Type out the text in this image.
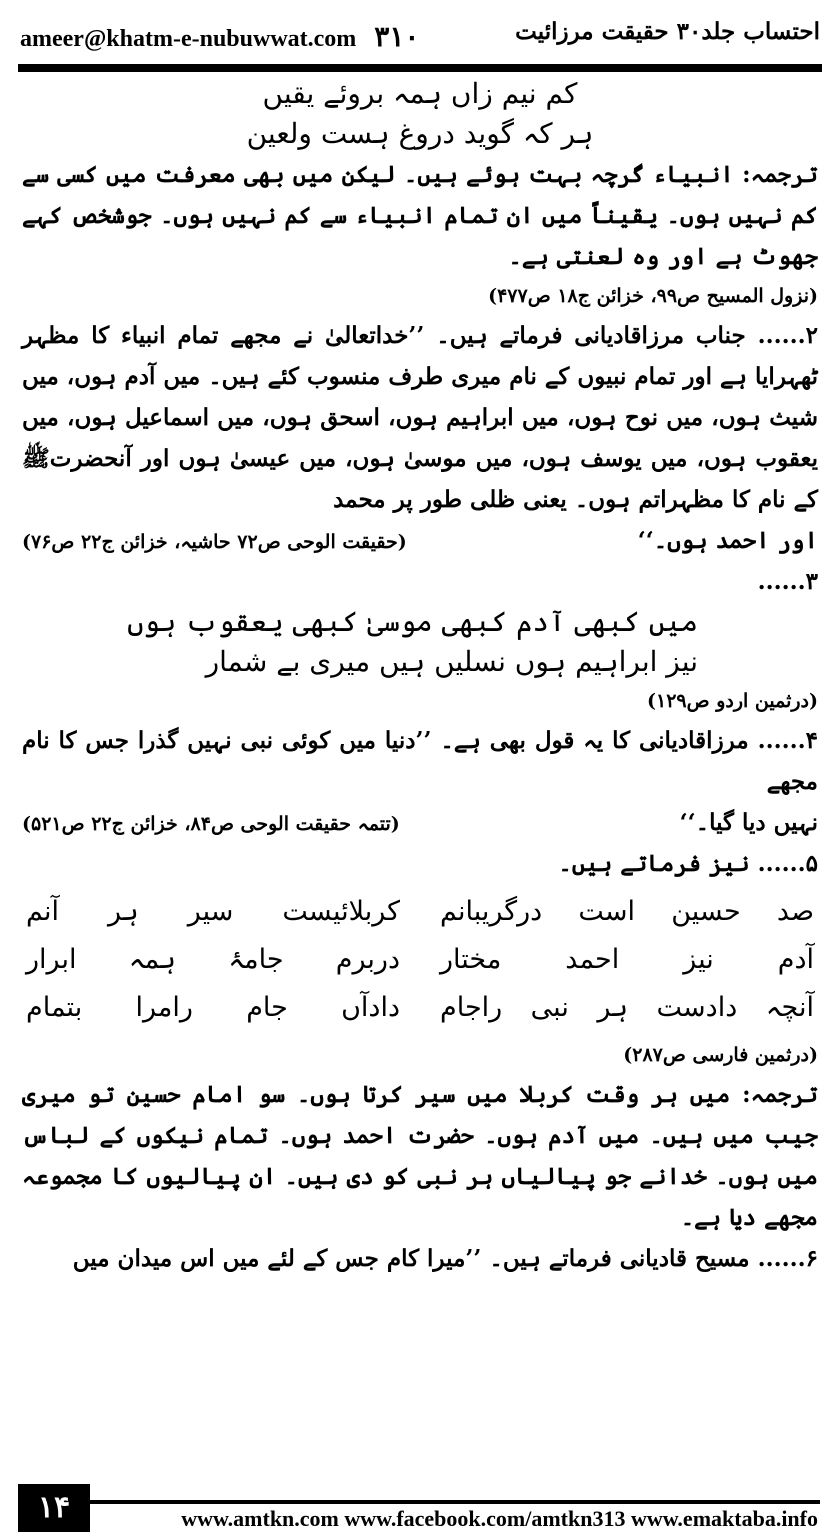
ameer@khatm-e-nubuwwat.com ۳۱۰	احتساب جلد۳۰ حقیقت مرزائیت

کم نیم زاں ہمہ بروئے یقیں

ہر کہ گوید دروغ ہست ولعین

ترجمہ: انبیاء گرچہ بہت ہوئے ہیں۔ لیکن میں بھی معرفت میں کسی سے کم نہیں ہوں۔ یقیناً میں ان تمام انبیاء سے کم نہیں ہوں۔ جوشخص کہے جھوٹ ہے اور وہ لعنتی ہے۔

(نزول المسیح ص۹۹، خزائن ج۱۸ ص۴۷۷)

۲...... جناب مرزاقادیانی فرماتے ہیں۔ ’’خداتعالیٰ نے مجھے تمام انبیاء کا مظہر ٹھہرایا ہے اور تمام نبیوں کے نام میری طرف منسوب کئے ہیں۔ میں آدم ہوں، میں شیث ہوں، میں نوح ہوں، میں ابراہیم ہوں، اسحق ہوں، میں اسماعیل ہوں، میں یعقوب ہوں، میں یوسف ہوں، میں موسیٰ ہوں، میں عیسیٰ ہوں اور آنحضرتﷺ کے نام کا مظہراتم ہوں۔ یعنی ظلی طور پر محمد

اور احمد ہوں۔‘‘

(حقیقت الوحی ص۷۲ حاشیہ، خزائن ج۲۲ ص۷۶)

۳......

میں کبھی آدم کبھی موسیٰ کبھی یعقوب ہوں

نیز ابراہیم ہوں نسلیں ہیں میری بے شمار

(درثمین اردو ص۱۲۹)

۴...... مرزاقادیانی کا یہ قول بھی ہے۔ ’’دنیا میں کوئی نبی نہیں گذرا جس کا نام مجھے

نہیں دیا گیا۔‘‘

(تتمہ حقیقت الوحی ص۸۴، خزائن ج۲۲ ص۵۲۱)

۵...... نیز فرماتے ہیں۔

صد حسین است درگریبانم
کربلائیست سیر ہر آنم
آدم نیز احمد مختار
دربرم جامۂ ہمہ ابرار
آنچہ دادست ہر نبی راجام
دادآں جام رامرا بتمام

(درثمین فارسی ص۲۸۷)

ترجمہ: میں ہر وقت کربلا میں سیر کرتا ہوں۔ سو امام حسین تو میری جیب میں ہیں۔ میں آدم ہوں۔ حضرت احمد ہوں۔ تمام نیکوں کے لباس میں ہوں۔ خدانے جو پیالیاں ہر نبی کو دی ہیں۔ ان پیالیوں کا مجموعہ مجھے دیا ہے۔

۶...... مسیح قادیانی فرماتے ہیں۔ ’’میرا کام جس کے لئے میں اس میدان میں

۱۴	www.amtkn.com www.facebook.com/amtkn313 www.emaktaba.info
